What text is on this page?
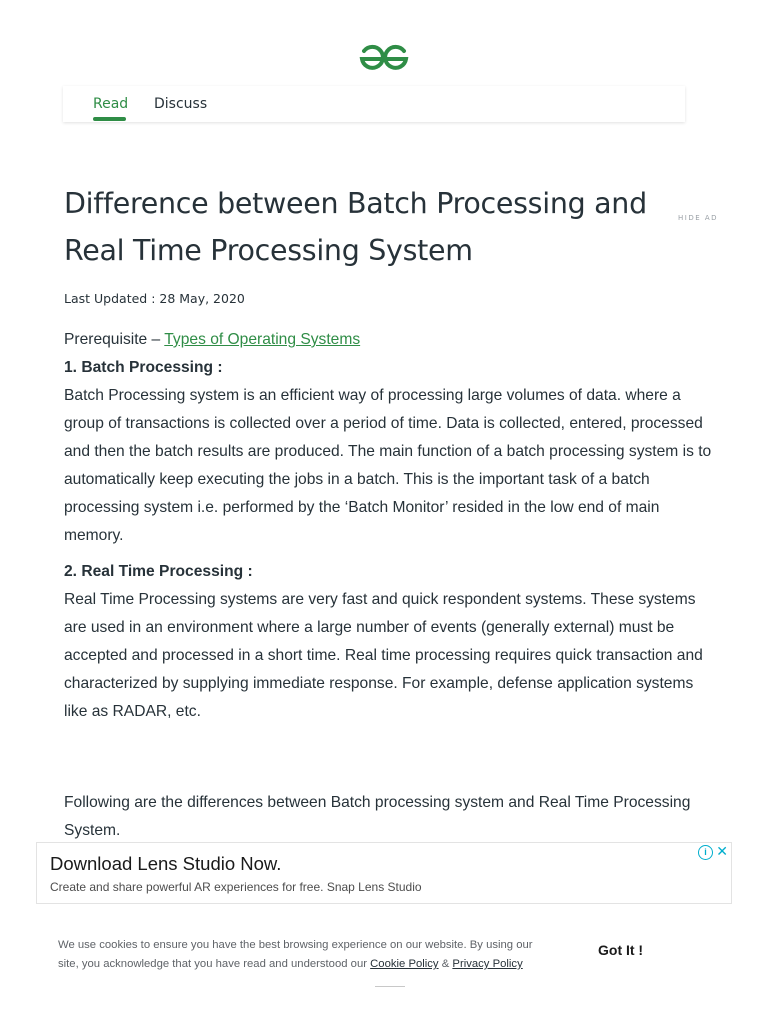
Read Discuss
HIDE AD
Difference between Batch Processing and Real Time Processing System
Last Updated : 28 May, 2020

Prerequisite – Types of Operating Systems

1. Batch Processing :

Batch Processing system is an efficient way of processing large volumes of data. where a group of transactions is collected over a period of time. Data is collected, entered, processed and then the batch results are produced. The main function of a batch processing system is to automatically keep executing the jobs in a batch. This is the important task of a batch processing system i.e. performed by the ‘Batch Monitor’ resided in the low end of main memory.

2. Real Time Processing :

Real Time Processing systems are very fast and quick respondent systems. These systems are used in an environment where a large number of events (generally external) must be accepted and processed in a short time. Real time processing requires quick transaction and characterized by supplying immediate response. For example, defense application systems like as RADAR, etc.

Following are the differences between Batch processing system and Real Time Processing System.

Download Lens Studio Now.
Create and share powerful AR experiences for free. Snap Lens Studio
i ✕
We use cookies to ensure you have the best browsing experience on our website. By using our site, you acknowledge that you have read and understood our Cookie Policy & Privacy Policy
Got It !
